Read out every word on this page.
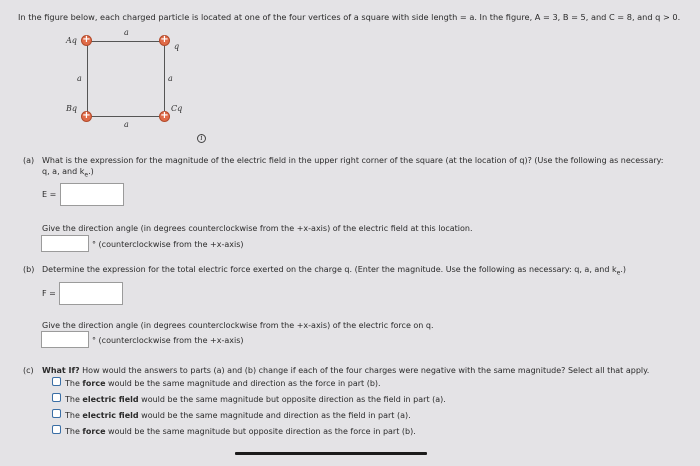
In the figure below, each charged particle is located at one of the four vertices of a square with side length = a. In the figure, A = 3, B = 5, and C = 8, and q > 0.
+	+
+	+
Aq
q
Bq	Cq
a
a	a
a
i
(a) What is the expression for the magnitude of the electric field in the upper right corner of the square (at the location of q)? (Use the following as necessary:
q, a, and $k_e$.)
E =
Give the direction angle (in degrees counterclockwise from the +x-axis) of the electric field at this location.
° (counterclockwise from the +x-axis)
(b) Determine the expression for the total electric force exerted on the charge q. (Enter the magnitude. Use the following as necessary: q, a, and $k_e$.)
F =
Give the direction angle (in degrees counterclockwise from the +x-axis) of the electric force on q.
° (counterclockwise from the +x-axis)
(c) What If? How would the answers to parts (a) and (b) change if each of the four charges were negative with the same magnitude? Select all that apply.
The force would be the same magnitude and direction as the force in part (b).
The electric field would be the same magnitude but opposite direction as the field in part (a).
The electric field would be the same magnitude and direction as the field in part (a).
The force would be the same magnitude but opposite direction as the force in part (b).
